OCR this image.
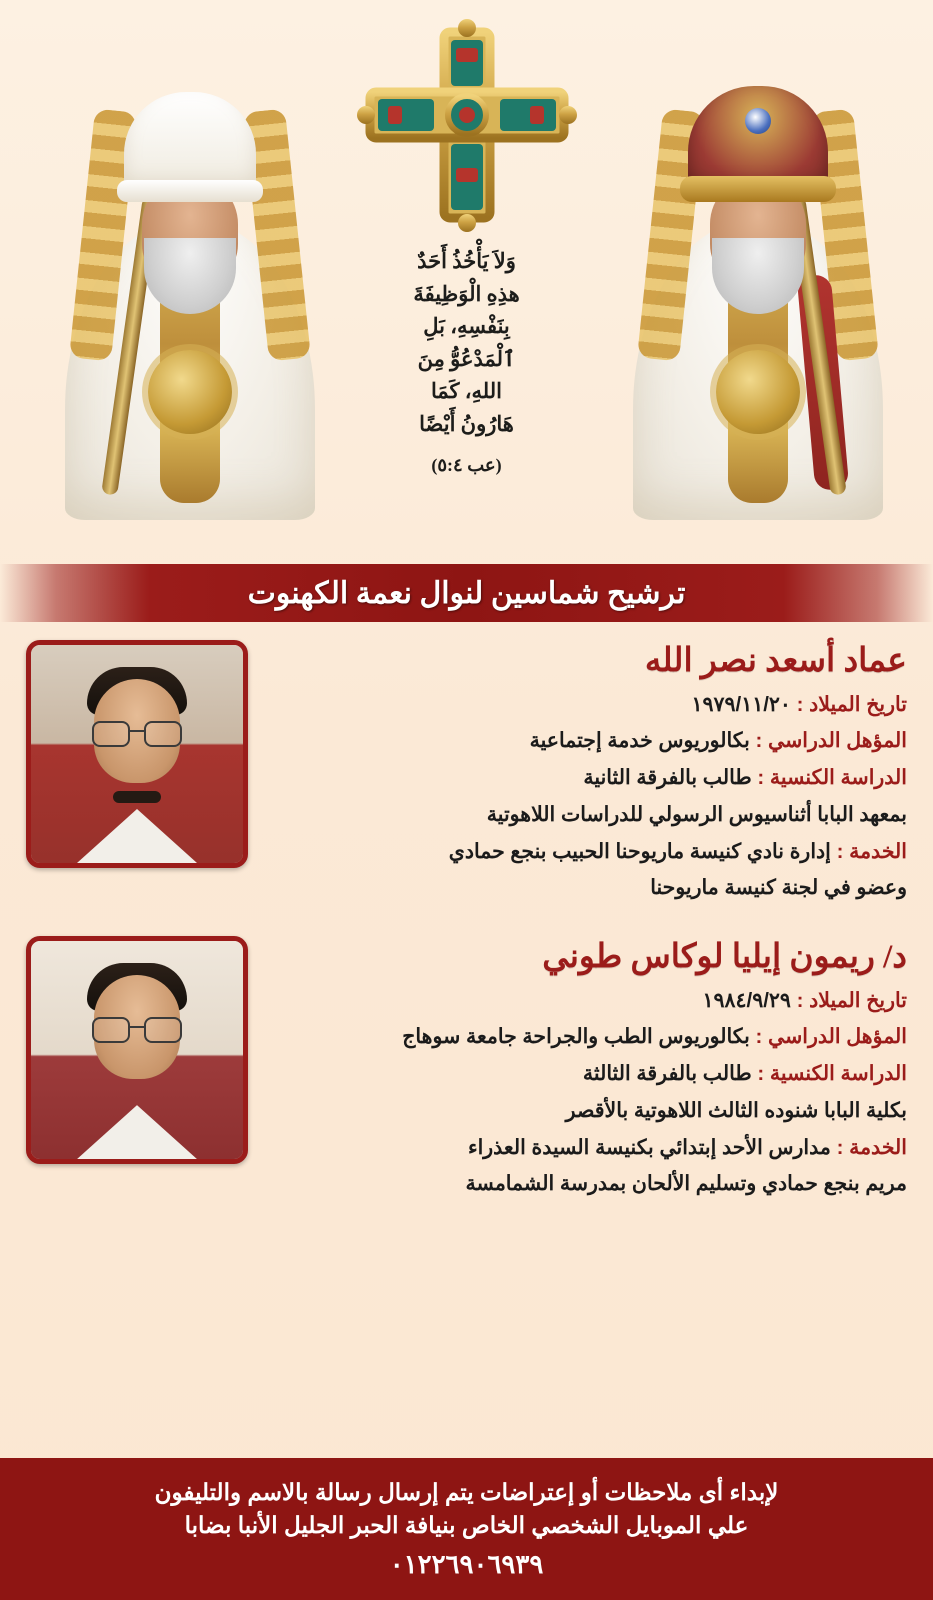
وَلاَ يَأْخُذُ أَحَدٌ
هذِهِ الْوَظِيفَةَ
بِنَفْسِهِ، بَلِ
ٱلْمَدْعُوُّ مِنَ
اللهِ، كَمَا
هَارُونُ أَيْضًا
(عب ٥:٤)
ترشيح شماسين لنوال نعمة الكهنوت
عماد أسعد نصر الله

تاريخ الميلاد : ١٩٧٩/١١/٢٠

المؤهل الدراسي : بكالوريوس خدمة إجتماعية

الدراسة الكنسية : طالب بالفرقة الثانية

بمعهد البابا أثناسيوس الرسولي للدراسات اللاهوتية

الخدمة : إدارة نادي كنيسة ماريوحنا الحبيب بنجع حمادي

وعضو في لجنة كنيسة ماريوحنا

د/ ريمون إيليا لوكاس طوني

تاريخ الميلاد : ١٩٨٤/٩/٢٩

المؤهل الدراسي : بكالوريوس الطب والجراحة جامعة سوهاج

الدراسة الكنسية : طالب بالفرقة الثالثة

بكلية البابا شنوده الثالث اللاهوتية بالأقصر

الخدمة : مدارس الأحد إبتدائي بكنيسة السيدة العذراء

مريم بنجع حمادي وتسليم الألحان بمدرسة الشمامسة

لإبداء أى ملاحظات أو إعتراضات يتم إرسال رسالة بالاسم والتليفون
علي الموبايل الشخصي الخاص بنيافة الحبر الجليل الأنبا بضابا
٠١٢٢٦٩٠٦٩٣٩
